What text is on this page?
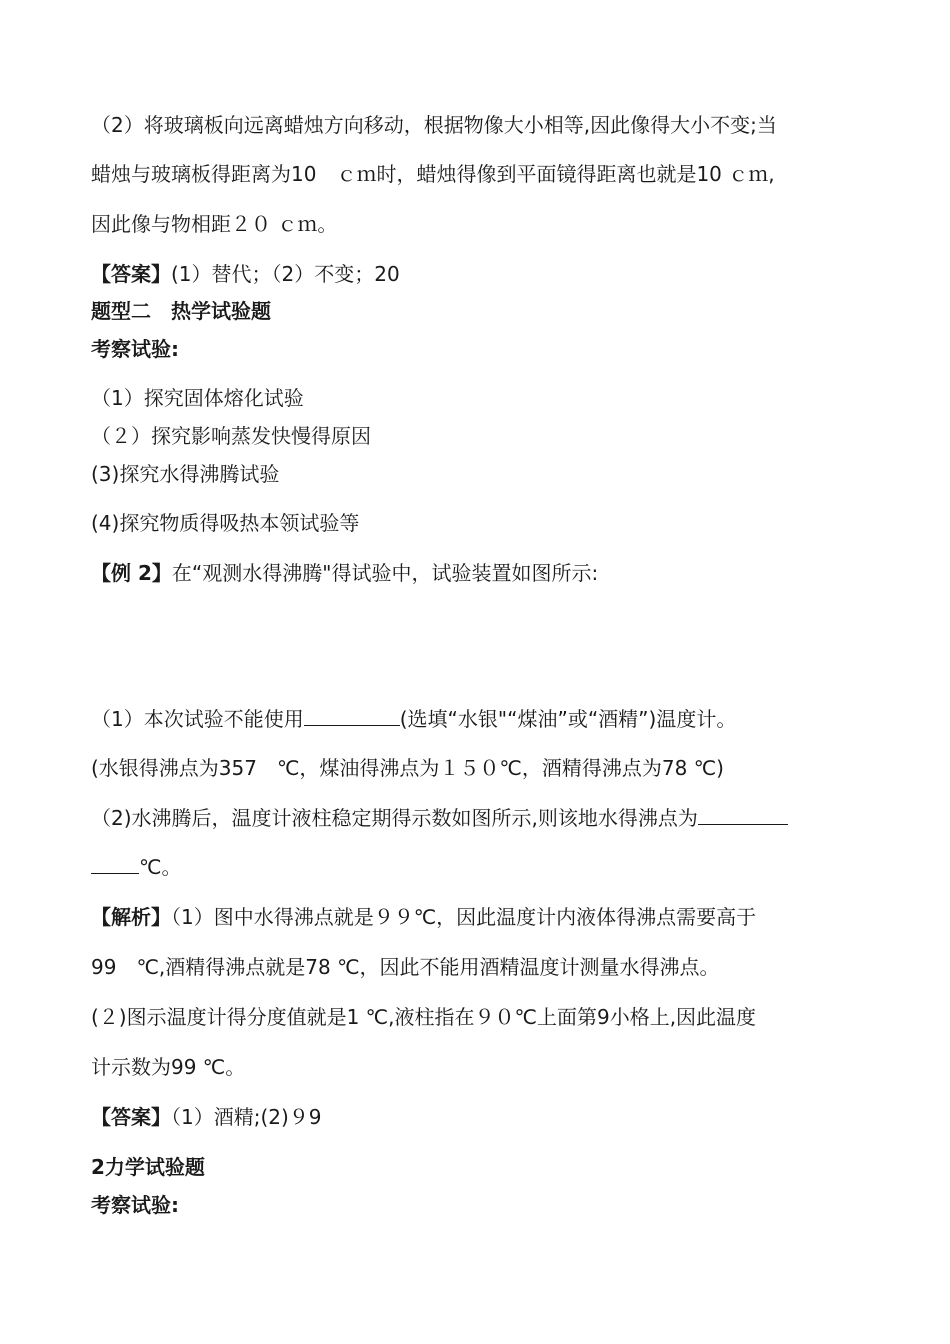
（2）将玻璃板向远离蜡烛方向移动，根据物像大小相等,因此像得大小不变;当
蜡烛与玻璃板得距离为10　ｃｍ时，蜡烛得像到平面镜得距离也就是10 ｃｍ,
因此像与物相距２０ ｃｍ。
【答案】(1）替代；（2）不变；20
题型二　热学试验题
考察试验:
（1）探究固体熔化试验
（２）探究影响蒸发快慢得原因
(3)探究水得沸腾试验
(4)探究物质得吸热本领试验等
【例 2】在“观测水得沸腾"得试验中，试验装置如图所示:
（1）本次试验不能使用	(选填“水银"“煤油”或“酒精”)温度计。
(水银得沸点为357　℃，煤油得沸点为１５０℃，酒精得沸点为78 ℃)
（2)水沸腾后，温度计液柱稳定期得示数如图所示,则该地水得沸点为
℃。
【解析】（1）图中水得沸点就是９９℃，因此温度计内液体得沸点需要高于
99　℃,酒精得沸点就是78 ℃，因此不能用酒精温度计测量水得沸点。
(２)图示温度计得分度值就是1 ℃,液柱指在９０℃上面第9小格上,因此温度
计示数为99 ℃。
【答案】（1）酒精;(2)９9
2力学试验题
考察试验:
